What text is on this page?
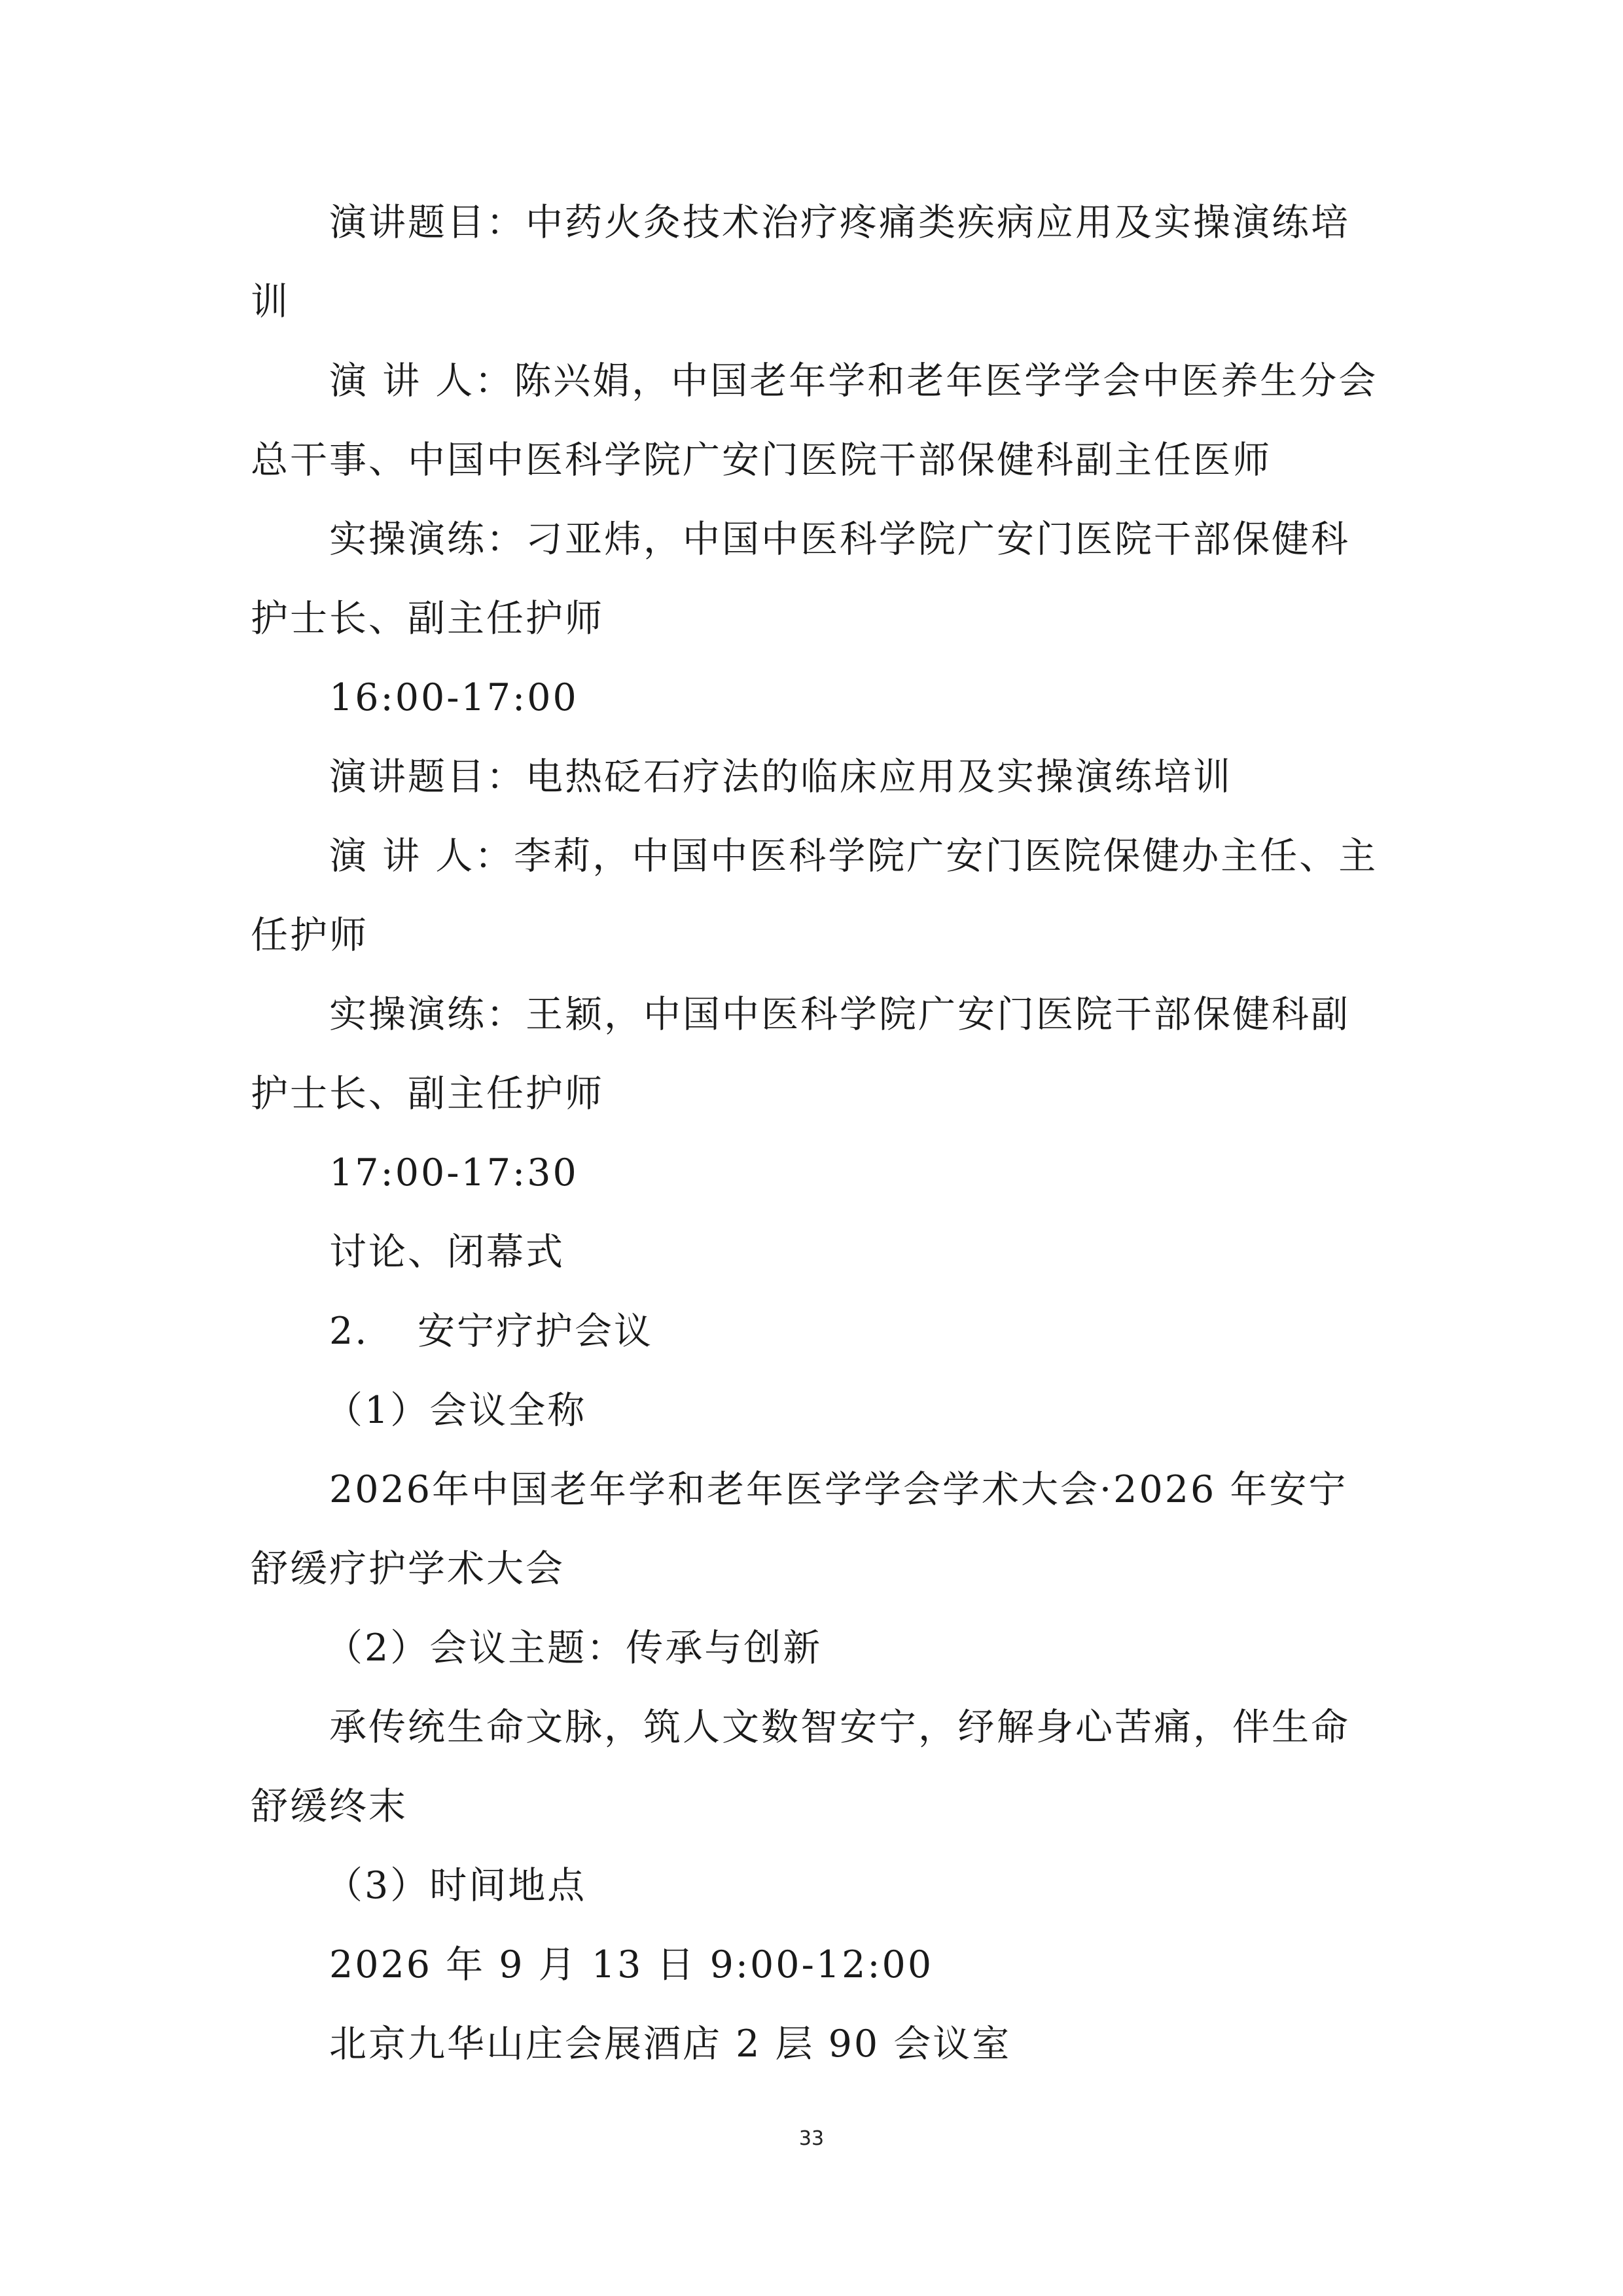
演讲题目：中药火灸技术治疗疼痛类疾病应用及实操演练培训

演 讲 人：陈兴娟，中国老年学和老年医学学会中医养生分会总干事、中国中医科学院广安门医院干部保健科副主任医师

实操演练：刁亚炜，中国中医科学院广安门医院干部保健科护士长、副主任护师

16:00-17:00

演讲题目：电热砭石疗法的临床应用及实操演练培训

演 讲 人：李莉，中国中医科学院广安门医院保健办主任、主任护师

实操演练：王颖，中国中医科学院广安门医院干部保健科副护士长、副主任护师

17:00-17:30

讨论、闭幕式

2. 安宁疗护会议

（1）会议全称

2026年中国老年学和老年医学学会学术大会·2026 年安宁舒缓疗护学术大会

（2）会议主题：传承与创新

承传统生命文脉，筑人文数智安宁，纾解身心苦痛，伴生命舒缓终末

（3）时间地点

2026 年 9 月 13 日 9:00-12:00

北京九华山庄会展酒店 2 层 90 会议室

33
